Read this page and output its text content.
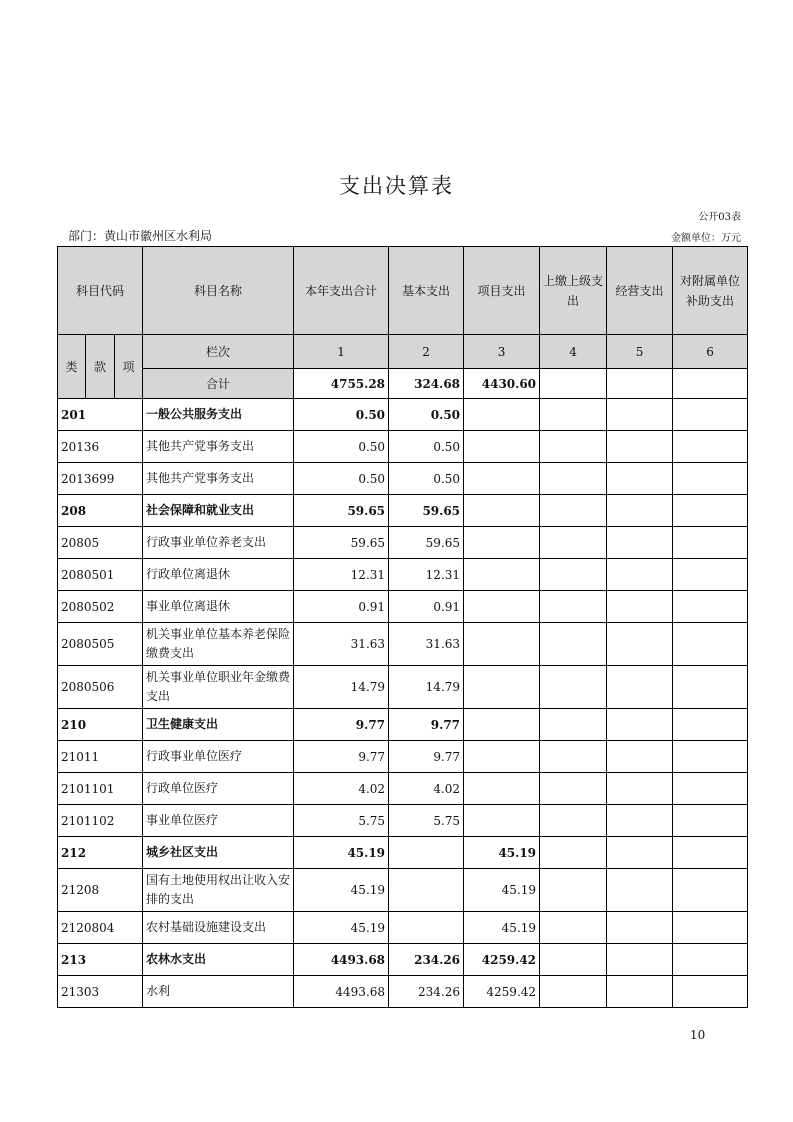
支出决算表
公开03表
部门：黄山市徽州区水利局	金额单位：万元
科目代码			科目名称	本年支出合计	基本支出	项目支出	上缴上级支出	经营支出	对附属单位补助支出
类	款	项	栏次	1	2	3	4	5	6
			合计	4755.28	324.68	4430.60			
201			一般公共服务支出	0.50	0.50				
20136			其他共产党事务支出	0.50	0.50				
2013699			其他共产党事务支出	0.50	0.50				
208			社会保障和就业支出	59.65	59.65				
20805			行政事业单位养老支出	59.65	59.65				
2080501			行政单位离退休	12.31	12.31				
2080502			事业单位离退休	0.91	0.91				
2080505			机关事业单位基本养老保险缴费支出	31.63	31.63				
2080506			机关事业单位职业年金缴费支出	14.79	14.79				
210			卫生健康支出	9.77	9.77				
21011			行政事业单位医疗	9.77	9.77				
2101101			行政单位医疗	4.02	4.02				
2101102			事业单位医疗	5.75	5.75				
212			城乡社区支出	45.19		45.19			
21208			国有土地使用权出让收入安排的支出	45.19		45.19			
2120804			农村基础设施建设支出	45.19		45.19			
213			农林水支出	4493.68	234.26	4259.42			
21303			水利	4493.68	234.26	4259.42			
10
